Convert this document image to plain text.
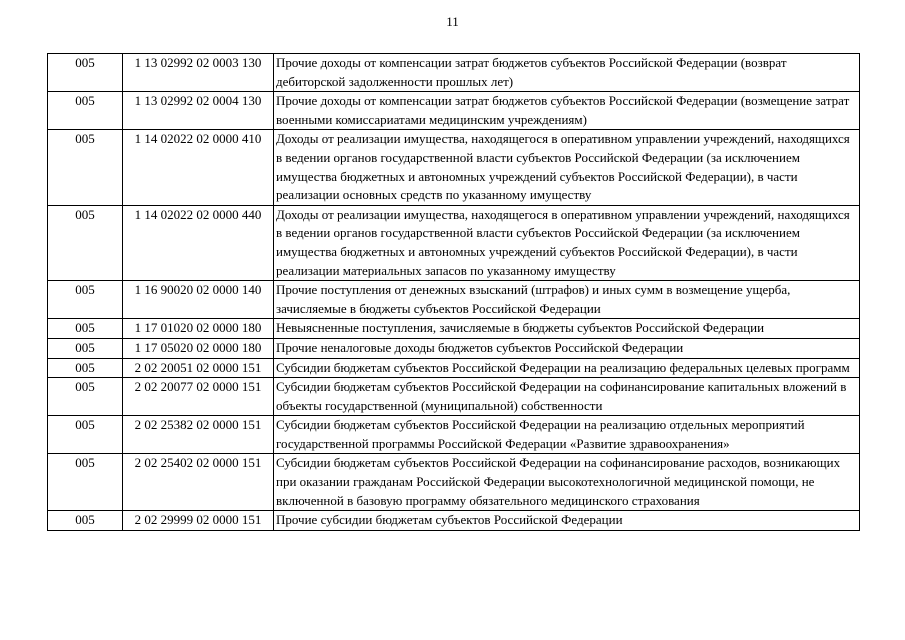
11
005	1 13 02992 02 0003 130	Прочие доходы от компенсации затрат бюджетов субъектов Российской Федерации (возврат дебиторской задолженности прошлых лет)
005	1 13 02992 02 0004 130	Прочие доходы от компенсации затрат бюджетов субъектов Российской Федерации (возмещение затрат военными комиссариатами медицинским учреждениям)
005	1 14 02022 02 0000 410	Доходы от реализации имущества, находящегося в оперативном управлении учреждений, находящихся в ведении органов государственной власти субъектов Российской Федерации (за исключением имущества бюджетных и автономных учреждений субъектов Российской Федерации), в части реализации основных средств по указанному имуществу
005	1 14 02022 02 0000 440	Доходы от реализации имущества, находящегося в оперативном управлении учреждений, находящихся в ведении органов государственной власти субъектов Российской Федерации (за исключением имущества бюджетных и автономных учреждений субъектов Российской Федерации), в части реализации материальных запасов по указанному имуществу
005	1 16 90020 02 0000 140	Прочие поступления от денежных взысканий (штрафов) и иных сумм в возмещение ущерба, зачисляемые в бюджеты субъектов Российской Федерации
005	1 17 01020 02 0000 180	Невыясненные поступления, зачисляемые в бюджеты субъектов Российской Федерации
005	1 17 05020 02 0000 180	Прочие неналоговые доходы бюджетов субъектов Российской Федерации
005	2 02 20051 02 0000 151	Субсидии бюджетам субъектов Российской Федерации на реализацию федеральных целевых программ
005	2 02 20077 02 0000 151	Субсидии бюджетам субъектов Российской Федерации на софинансирование капитальных вложений в объекты государственной (муниципальной) собственности
005	2 02 25382 02 0000 151	Субсидии бюджетам субъектов Российской Федерации на реализацию отдельных мероприятий государственной программы Российской Федерации «Развитие здравоохранения»
005	2 02 25402 02 0000 151	Субсидии бюджетам субъектов Российской Федерации на софинансирование расходов, возникающих при оказании гражданам Российской Федерации высокотехнологичной медицинской помощи, не включенной в базовую программу обязательного медицинского страхования
005	2 02 29999 02 0000 151	Прочие субсидии бюджетам субъектов Российской Федерации
